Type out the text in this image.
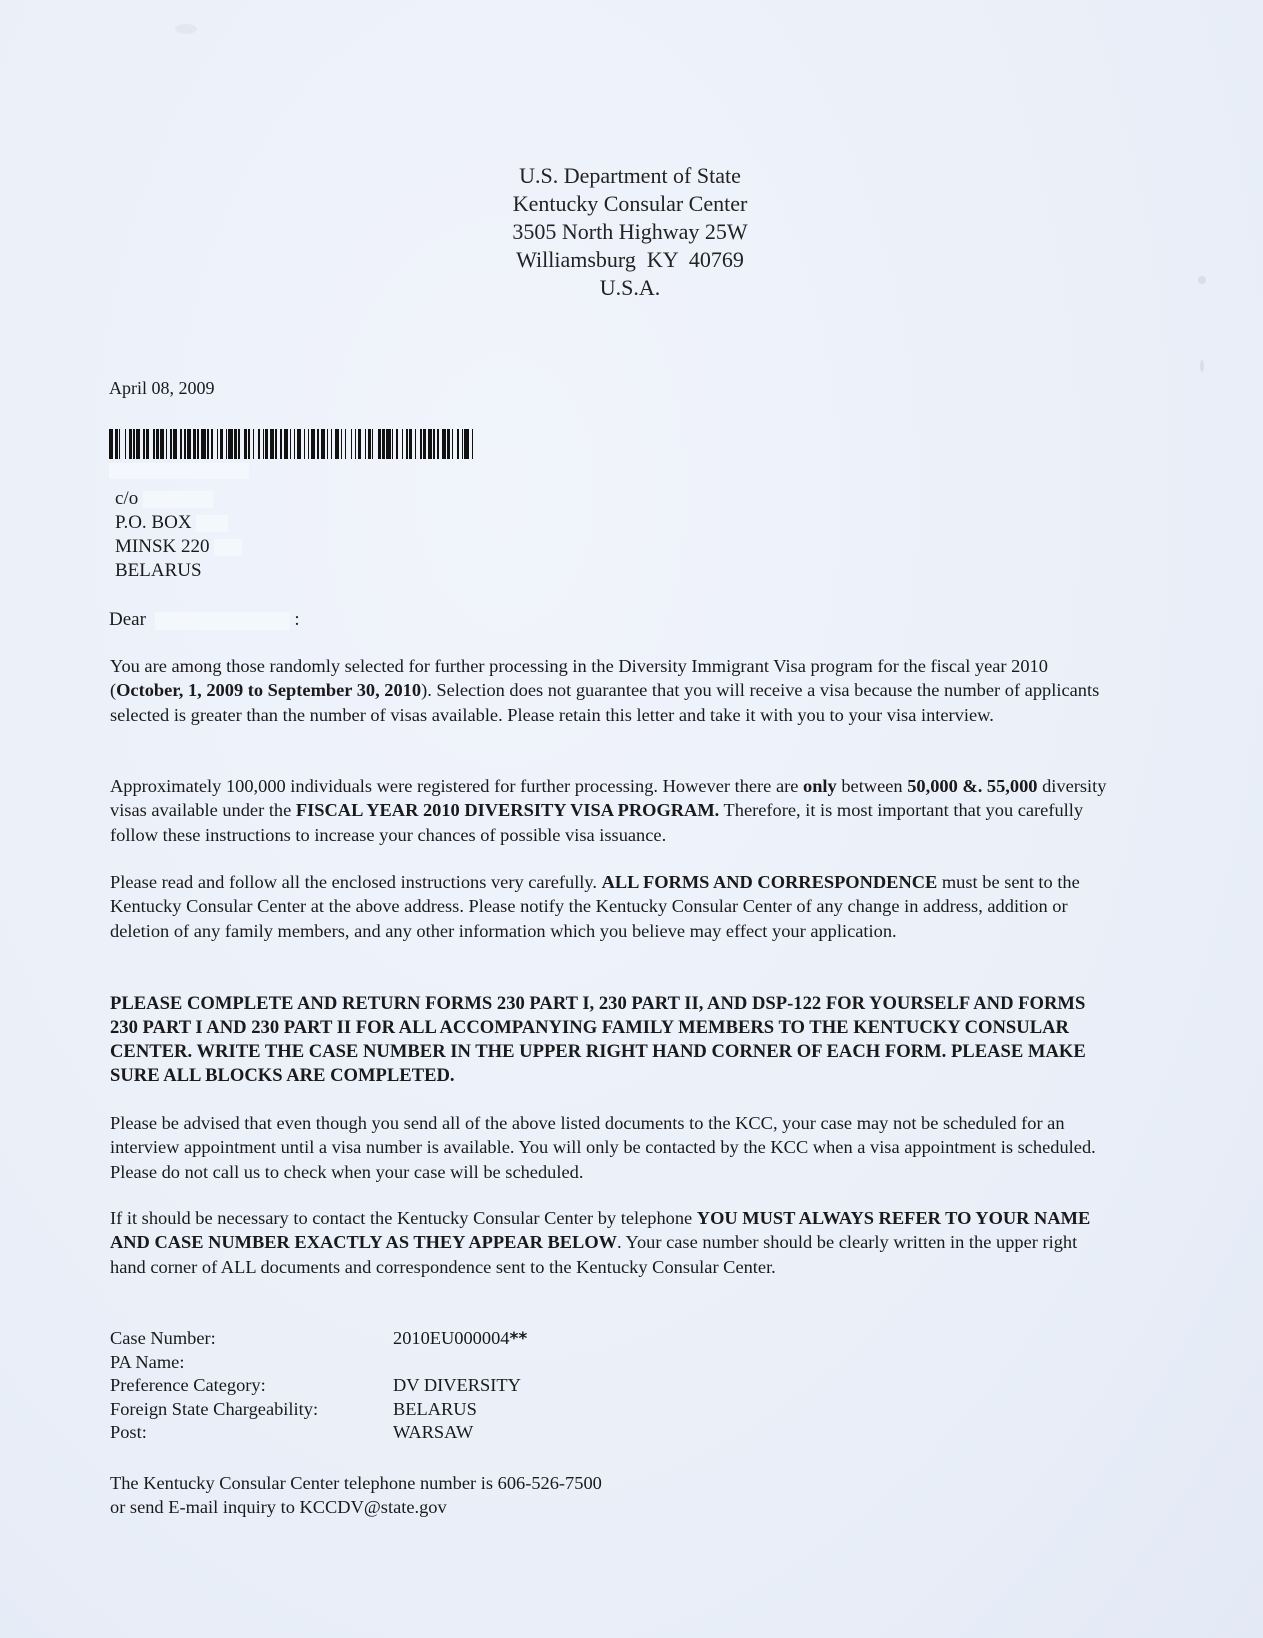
U.S. Department of State
Kentucky Consular Center
3505 North Highway 25W
Williamsburg  KY  40769
U.S.A.
April 08, 2009
c/o
P.O. BOX
MINSK 220
BELARUS
Dear	:
You are among those randomly selected for further processing in the Diversity Immigrant Visa program for the fiscal year 2010 (October, 1, 2009 to September 30, 2010). Selection does not guarantee that you will receive a visa because the number of applicants selected is greater than the number of visas available. Please retain this letter and take it with you to your visa interview.
Approximately 100,000 individuals were registered for further processing. However there are only between 50,000 &. 55,000 diversity visas available under the FISCAL YEAR 2010 DIVERSITY VISA PROGRAM. Therefore, it is most important that you carefully follow these instructions to increase your chances of possible visa issuance.
Please read and follow all the enclosed instructions very carefully. ALL FORMS AND CORRESPONDENCE must be sent to the Kentucky Consular Center at the above address. Please notify the Kentucky Consular Center of any change in address, addition or deletion of any family members, and any other information which you believe may effect your application.
PLEASE COMPLETE AND RETURN FORMS 230 PART I, 230 PART II, AND DSP-122 FOR YOURSELF AND FORMS 230 PART I AND 230 PART II FOR ALL ACCOMPANYING FAMILY MEMBERS TO THE KENTUCKY CONSULAR CENTER. WRITE THE CASE NUMBER IN THE UPPER RIGHT HAND CORNER OF EACH FORM. PLEASE MAKE SURE ALL BLOCKS ARE COMPLETED.
Please be advised that even though you send all of the above listed documents to the KCC, your case may not be scheduled for an interview appointment until a visa number is available. You will only be contacted by the KCC when a visa appointment is scheduled. Please do not call us to check when your case will be scheduled.
If it should be necessary to contact the Kentucky Consular Center by telephone YOU MUST ALWAYS REFER TO YOUR NAME AND CASE NUMBER EXACTLY AS THEY APPEAR BELOW. Your case number should be clearly written in the upper right hand corner of ALL documents and correspondence sent to the Kentucky Consular Center.
Case Number:	2010EU000004**
PA Name:
Preference Category:	DV DIVERSITY
Foreign State Chargeability:	BELARUS
Post:	WARSAW
The Kentucky Consular Center telephone number is 606-526-7500
or send E-mail inquiry to KCCDV@state.gov
